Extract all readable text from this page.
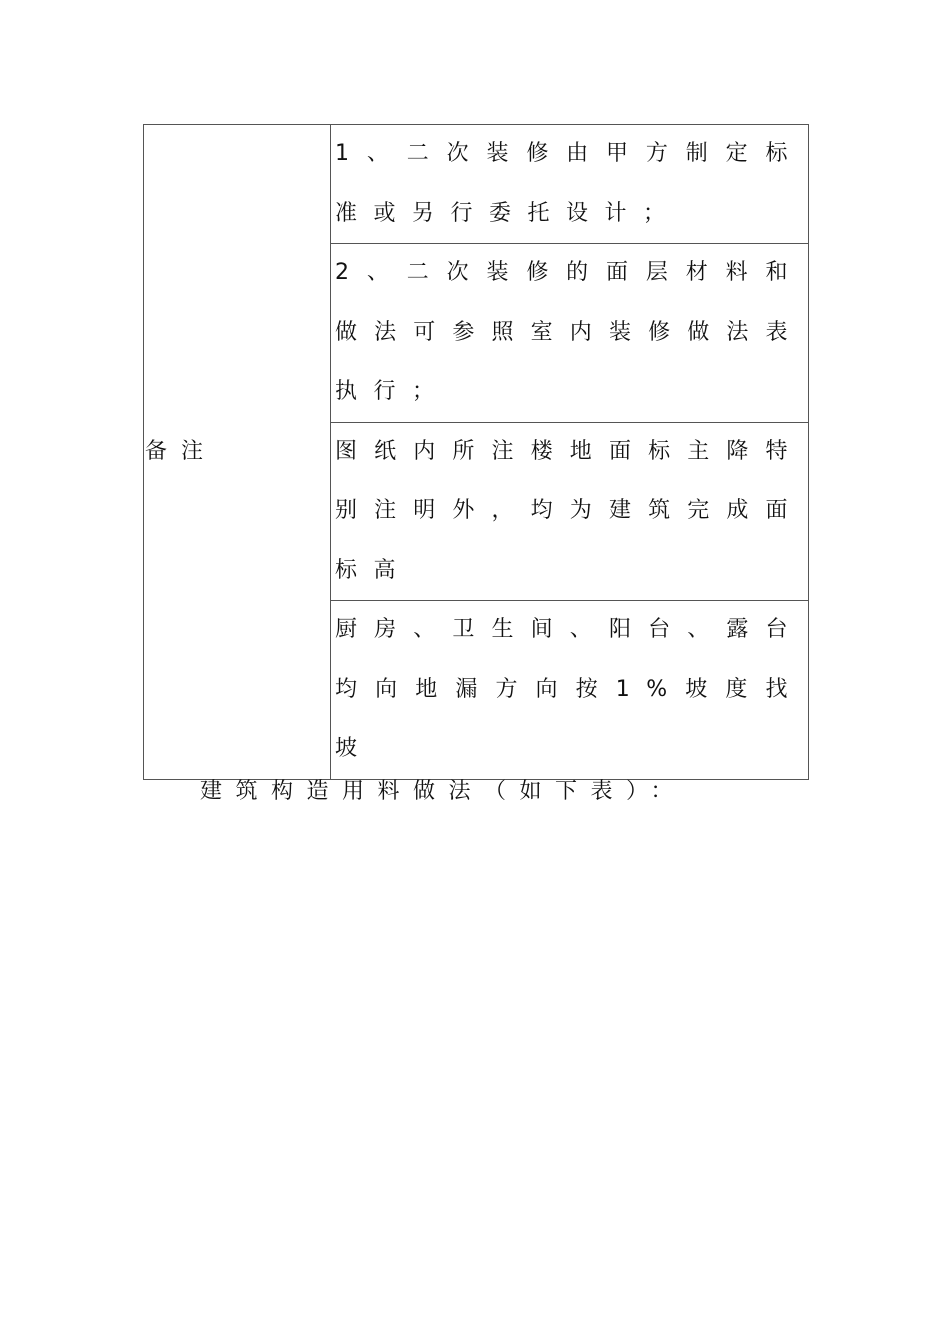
备注

1、二次装修由甲方制定标准或另行委托设计；

2、二次装修的面层材料和做法可参照室内装修做法表执行；

图纸内所注楼地面标主降特别注明外，均为建筑完成面标高

厨房、卫生间、阳台、露台均向地漏方向按1%坡度找坡
建筑构造用料做法（如下表）：
